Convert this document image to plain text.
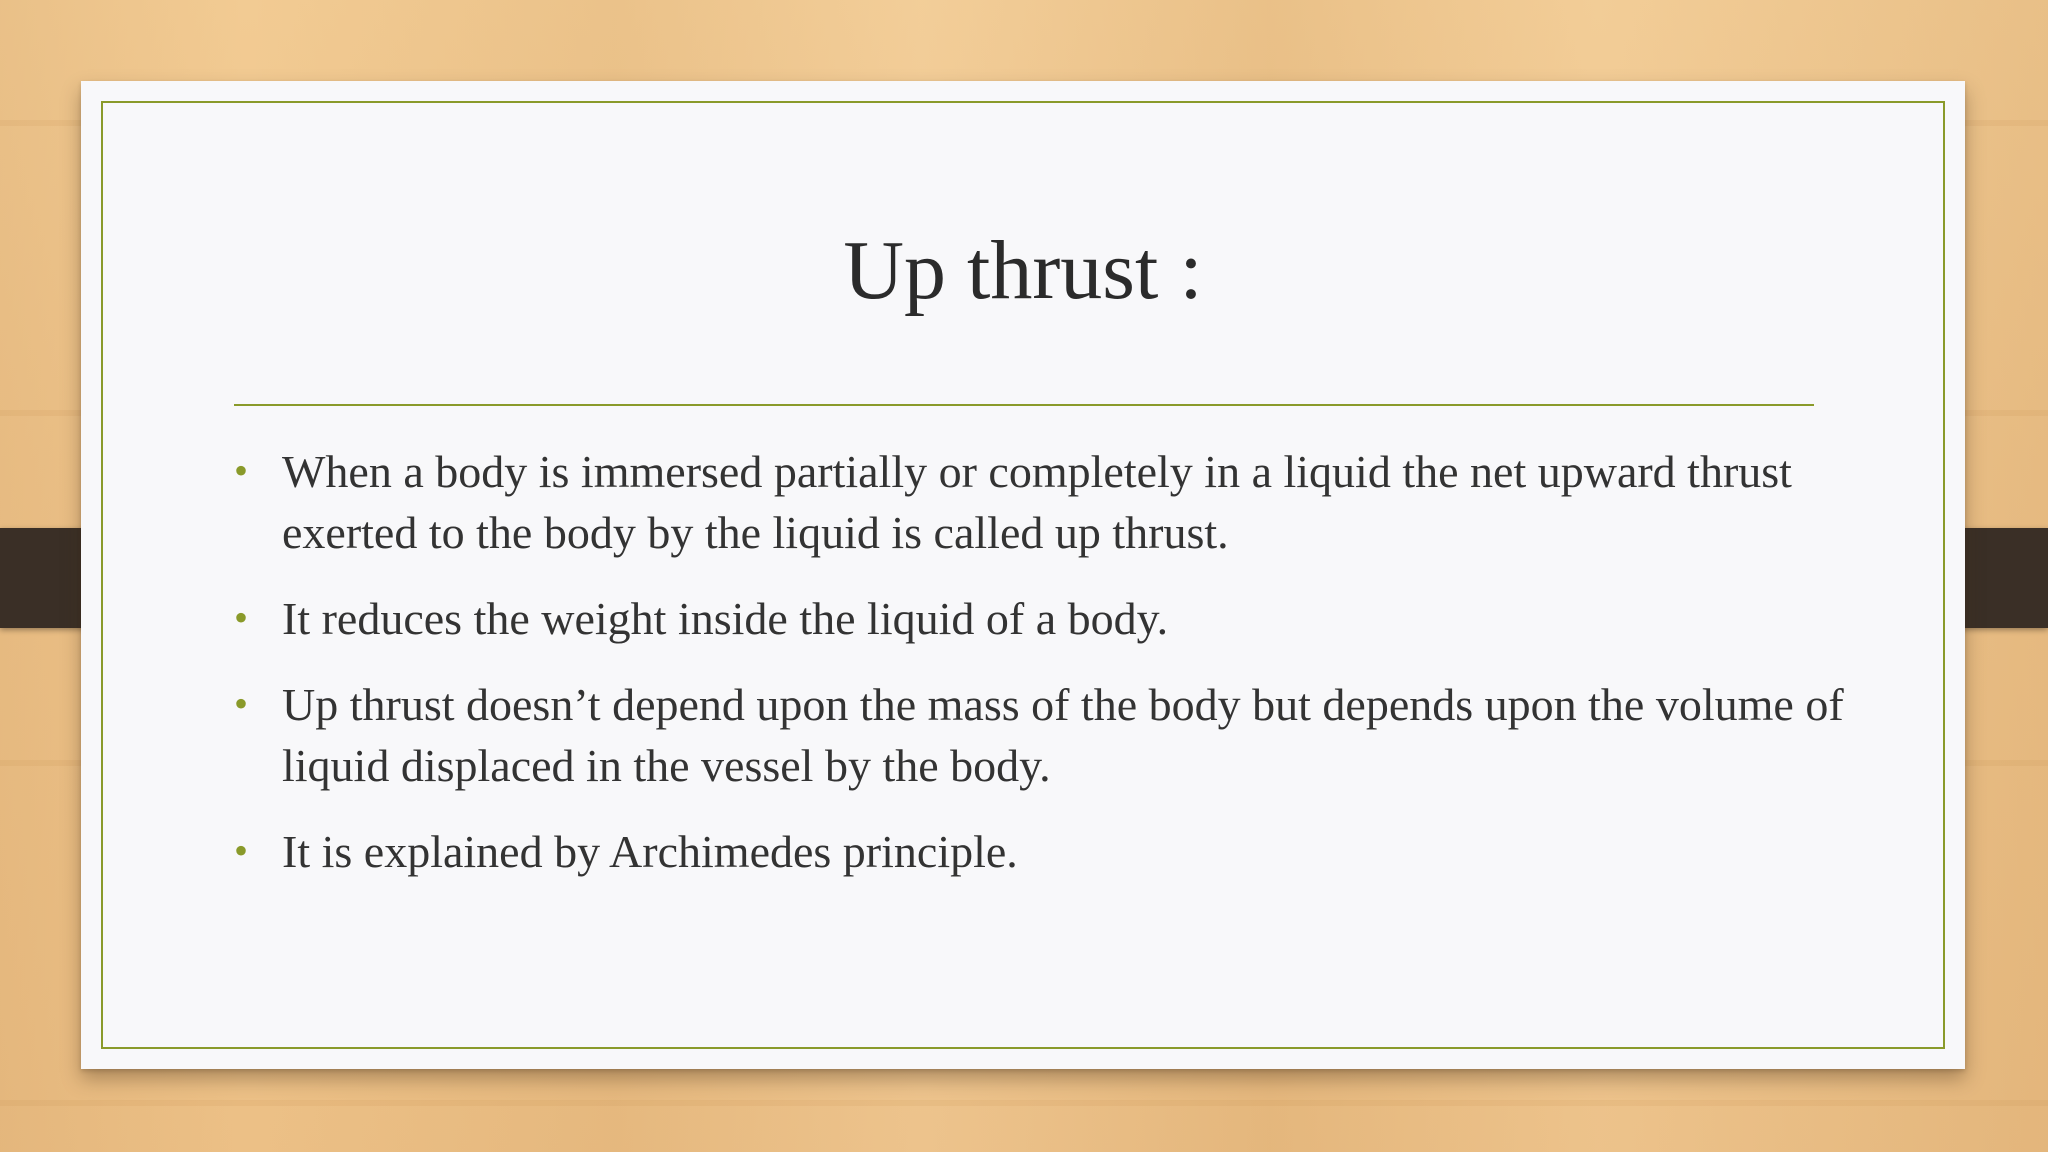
Up thrust :
• When a body is immersed partially or completely in a liquid the net upward thrust exerted to the body by the liquid is called up thrust.
• It reduces the weight inside the liquid of a body.
• Up thrust doesn’t depend upon the mass of the body but depends upon the volume of liquid displaced in the vessel by the body.
• It is explained by Archimedes principle.
